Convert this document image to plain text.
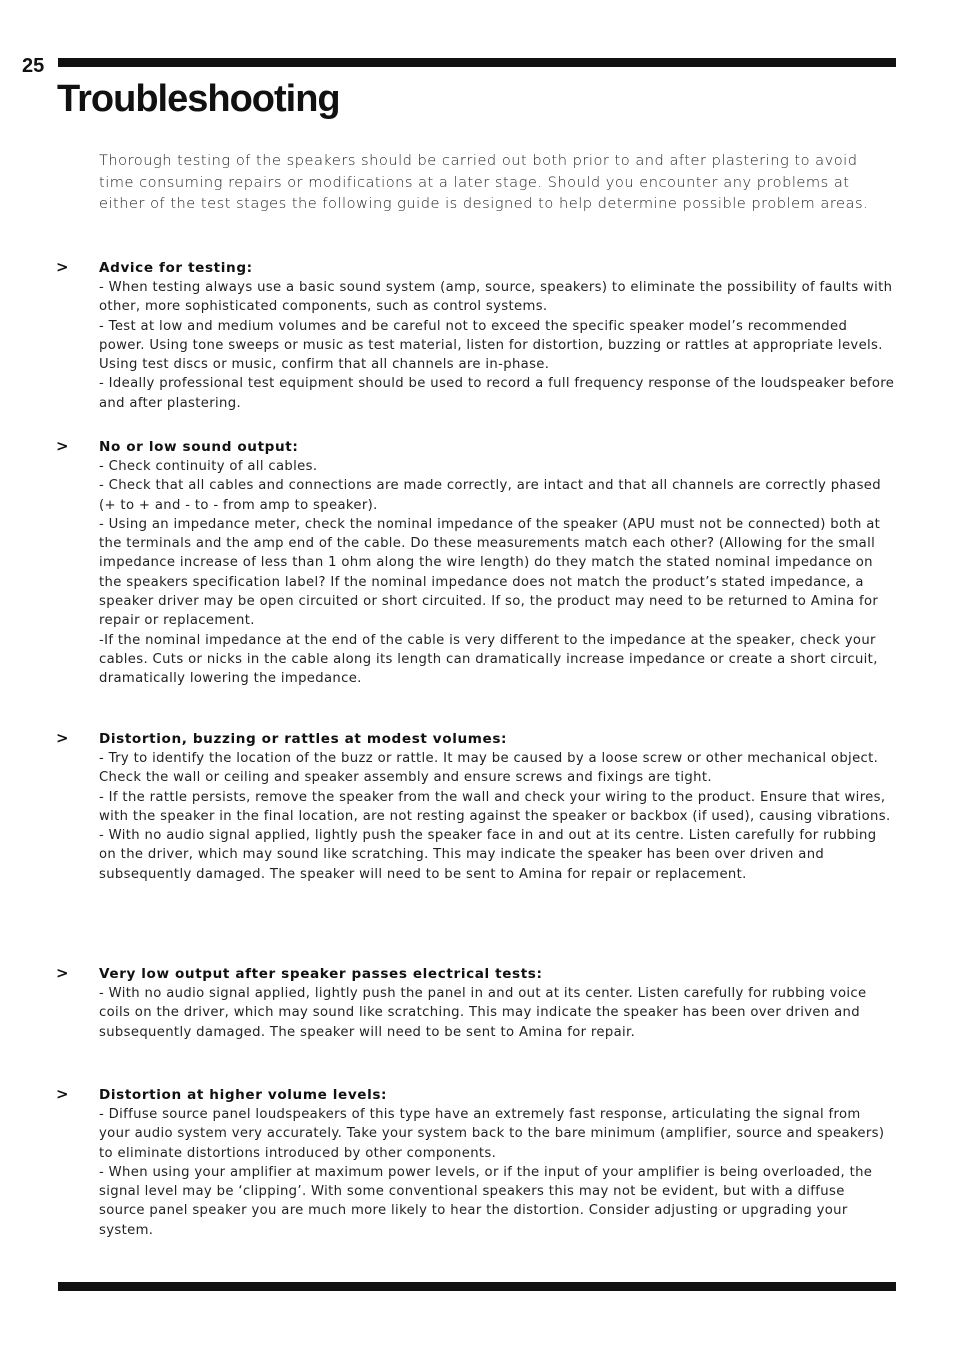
25
Troubleshooting

Thorough testing of the speakers should be carried out both prior to and after plastering to avoid time consuming repairs or modifications at a later stage. Should you encounter any problems at either of the test stages the following guide is designed to help determine possible problem areas.

> Advice for testing:

- When testing always use a basic sound system (amp, source, speakers) to eliminate the possibility of faults with other, more sophisticated components, such as control systems.

- Test at low and medium volumes and be careful not to exceed the specific speaker model’s recommended power. Using tone sweeps or music as test material, listen for distortion, buzzing or rattles at appropriate levels. Using test discs or music, confirm that all channels are in-phase.

- Ideally professional test equipment should be used to record a full frequency response of the loudspeaker before and after plastering.

> No or low sound output:

- Check continuity of all cables.

- Check that all cables and connections are made correctly, are intact and that all channels are correctly phased (+ to + and - to - from amp to speaker).

- Using an impedance meter, check the nominal impedance of the speaker (APU must not be connected) both at the terminals and the amp end of the cable. Do these measurements match each other? (Allowing for the small impedance increase of less than 1 ohm along the wire length) do they match the stated nominal impedance on the speakers specification label? If the nominal impedance does not match the product’s stated impedance, a speaker driver may be open circuited or short circuited. If so, the product may need to be returned to Amina for repair or replacement.

-If the nominal impedance at the end of the cable is very different to the impedance at the speaker, check your cables. Cuts or nicks in the cable along its length can dramatically increase impedance or create a short circuit, dramatically lowering the impedance.

> Distortion, buzzing or rattles at modest volumes:

- Try to identify the location of the buzz or rattle. It may be caused by a loose screw or other mechanical object. Check the wall or ceiling and speaker assembly and ensure screws and fixings are tight.

- If the rattle persists, remove the speaker from the wall and check your wiring to the product. Ensure that wires, with the speaker in the final location, are not resting against the speaker or backbox (if used), causing vibrations.

- With no audio signal applied, lightly push the speaker face in and out at its centre. Listen carefully for rubbing on the driver, which may sound like scratching. This may indicate the speaker has been over driven and subsequently damaged. The speaker will need to be sent to Amina for repair or replacement.

> Very low output after speaker passes electrical tests:

- With no audio signal applied, lightly push the panel in and out at its center. Listen carefully for rubbing voice coils on the driver, which may sound like scratching. This may indicate the speaker has been over driven and subsequently damaged. The speaker will need to be sent to Amina for repair.

> Distortion at higher volume levels:

- Diffuse source panel loudspeakers of this type have an extremely fast response, articulating the signal from your audio system very accurately. Take your system back to the bare minimum (amplifier, source and speakers) to eliminate distortions introduced by other components.

- When using your amplifier at maximum power levels, or if the input of your amplifier is being overloaded, the signal level may be ‘clipping’. With some conventional speakers this may not be evident, but with a diffuse source panel speaker you are much more likely to hear the distortion. Consider adjusting or upgrading your system.
